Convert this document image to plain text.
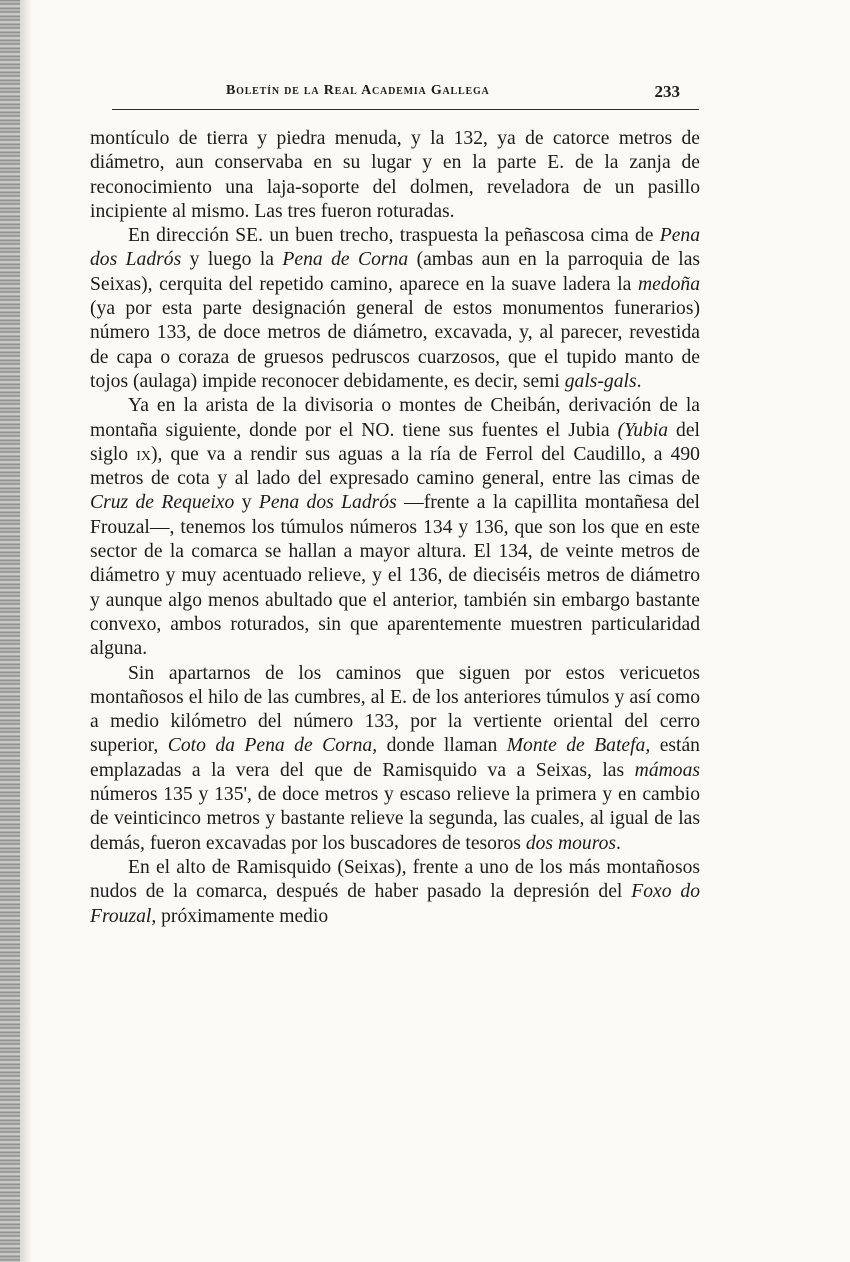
Boletín de la Real Academia Gallega	233

montículo de tierra y piedra menuda, y la 132, ya de catorce metros de diámetro, aun conservaba en su lugar y en la parte E. de la zanja de reconocimiento una laja-soporte del dolmen, reveladora de un pasillo incipiente al mismo. Las tres fueron roturadas.

En dirección SE. un buen trecho, traspuesta la peñascosa cima de Pena dos Ladrós y luego la Pena de Corna (ambas aun en la parroquia de las Seixas), cerquita del repetido camino, aparece en la suave ladera la medoña (ya por esta parte designación general de estos monumentos funerarios) número 133, de doce metros de diámetro, excavada, y, al parecer, revestida de capa o coraza de gruesos pedruscos cuarzosos, que el tupido manto de tojos (aulaga) impide reconocer debidamente, es decir, semi gals-gals.

Ya en la arista de la divisoria o montes de Cheibán, derivación de la montaña siguiente, donde por el NO. tiene sus fuentes el Jubia (Yubia del siglo ix), que va a rendir sus aguas a la ría de Ferrol del Caudillo, a 490 metros de cota y al lado del expresado camino general, entre las cimas de Cruz de Requeixo y Pena dos Ladrós —frente a la capillita montañesa del Frouzal—, tenemos los túmulos números 134 y 136, que son los que en este sector de la comarca se hallan a mayor altura. El 134, de veinte metros de diámetro y muy acentuado relieve, y el 136, de dieciséis metros de diámetro y aunque algo menos abultado que el anterior, también sin embargo bastante convexo, ambos roturados, sin que aparentemente muestren particularidad alguna.

Sin apartarnos de los caminos que siguen por estos vericuetos montañosos el hilo de las cumbres, al E. de los anteriores túmulos y así como a medio kilómetro del número 133, por la vertiente oriental del cerro superior, Coto da Pena de Corna, donde llaman Monte de Batefa, están emplazadas a la vera del que de Ramisquido va a Seixas, las mámoas números 135 y 135', de doce metros y escaso relieve la primera y en cambio de veinticinco metros y bastante relieve la segunda, las cuales, al igual de las demás, fueron excavadas por los buscadores de tesoros dos mouros.

En el alto de Ramisquido (Seixas), frente a uno de los más montañosos nudos de la comarca, después de haber pasado la depresión del Foxo do Frouzal, próximamente medio
